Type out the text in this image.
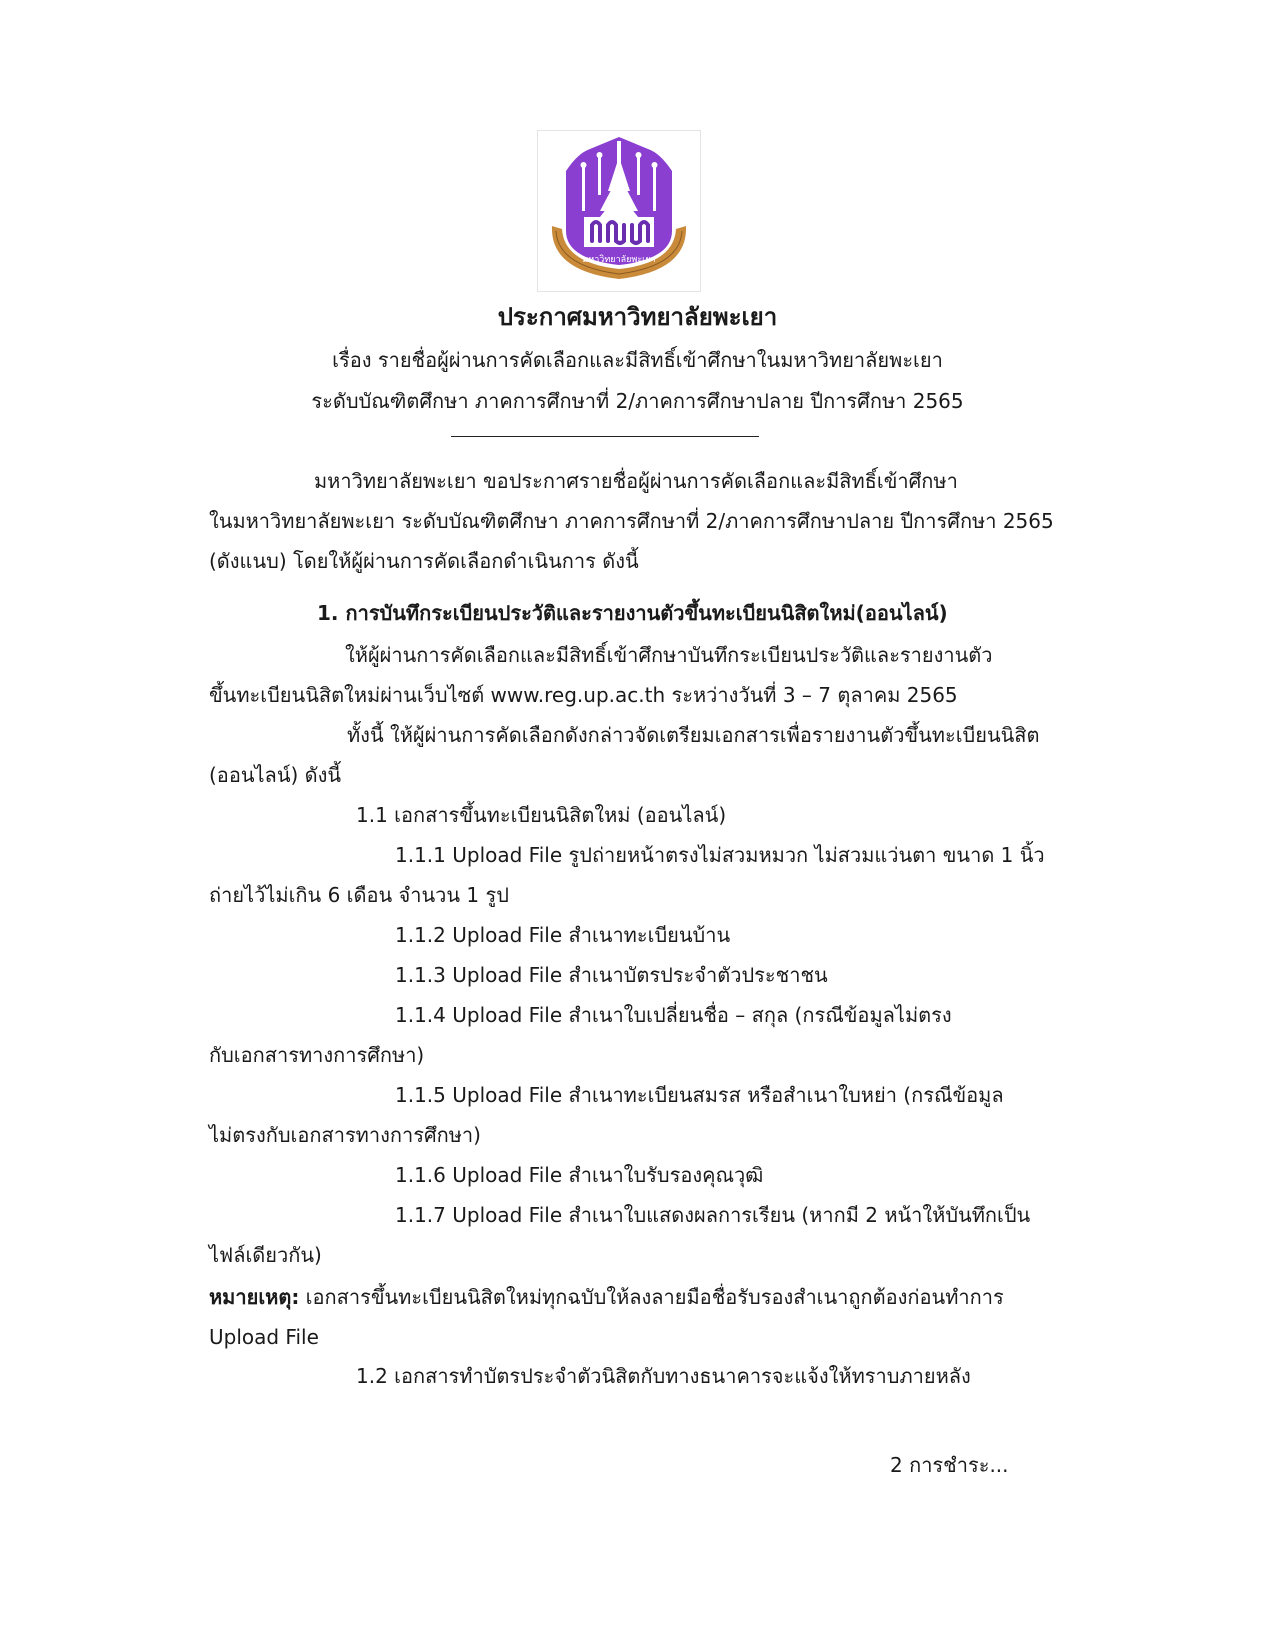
มหาวิทยาลัยพะเยา
ประกาศมหาวิทยาลัยพะเยา
เรื่อง รายชื่อผู้ผ่านการคัดเลือกและมีสิทธิ์เข้าศึกษาในมหาวิทยาลัยพะเยา
ระดับบัณฑิตศึกษา ภาคการศึกษาที่ 2/ภาคการศึกษาปลาย ปีการศึกษา 2565
มหาวิทยาลัยพะเยา ขอประกาศรายชื่อผู้ผ่านการคัดเลือกและมีสิทธิ์เข้าศึกษา
ในมหาวิทยาลัยพะเยา ระดับบัณฑิตศึกษา ภาคการศึกษาที่ 2/ภาคการศึกษาปลาย ปีการศึกษา 2565
(ดังแนบ) โดยให้ผู้ผ่านการคัดเลือกดำเนินการ ดังนี้
1. การบันทึกระเบียนประวัติและรายงานตัวขึ้นทะเบียนนิสิตใหม่(ออนไลน์)
ให้ผู้ผ่านการคัดเลือกและมีสิทธิ์เข้าศึกษาบันทึกระเบียนประวัติและรายงานตัว
ขึ้นทะเบียนนิสิตใหม่ผ่านเว็บไซต์ www.reg.up.ac.th ระหว่างวันที่ 3 – 7 ตุลาคม 2565
ทั้งนี้ ให้ผู้ผ่านการคัดเลือกดังกล่าวจัดเตรียมเอกสารเพื่อรายงานตัวขึ้นทะเบียนนิสิต
(ออนไลน์) ดังนี้
1.1 เอกสารขึ้นทะเบียนนิสิตใหม่ (ออนไลน์)
1.1.1 Upload File รูปถ่ายหน้าตรงไม่สวมหมวก ไม่สวมแว่นตา ขนาด 1 นิ้ว
ถ่ายไว้ไม่เกิน 6 เดือน จำนวน 1 รูป
1.1.2 Upload File สำเนาทะเบียนบ้าน
1.1.3 Upload File สำเนาบัตรประจำตัวประชาชน
1.1.4 Upload File สำเนาใบเปลี่ยนชื่อ – สกุล (กรณีข้อมูลไม่ตรง
กับเอกสารทางการศึกษา)
1.1.5 Upload File สำเนาทะเบียนสมรส หรือสำเนาใบหย่า (กรณีข้อมูล
ไม่ตรงกับเอกสารทางการศึกษา)
1.1.6 Upload File สำเนาใบรับรองคุณวุฒิ
1.1.7 Upload File สำเนาใบแสดงผลการเรียน (หากมี 2 หน้าให้บันทึกเป็น
ไฟล์เดียวกัน)
หมายเหตุ: เอกสารขึ้นทะเบียนนิสิตใหม่ทุกฉบับให้ลงลายมือชื่อรับรองสำเนาถูกต้องก่อนทำการ
Upload File
1.2 เอกสารทำบัตรประจำตัวนิสิตกับทางธนาคารจะแจ้งให้ทราบภายหลัง
2 การชำระ...
